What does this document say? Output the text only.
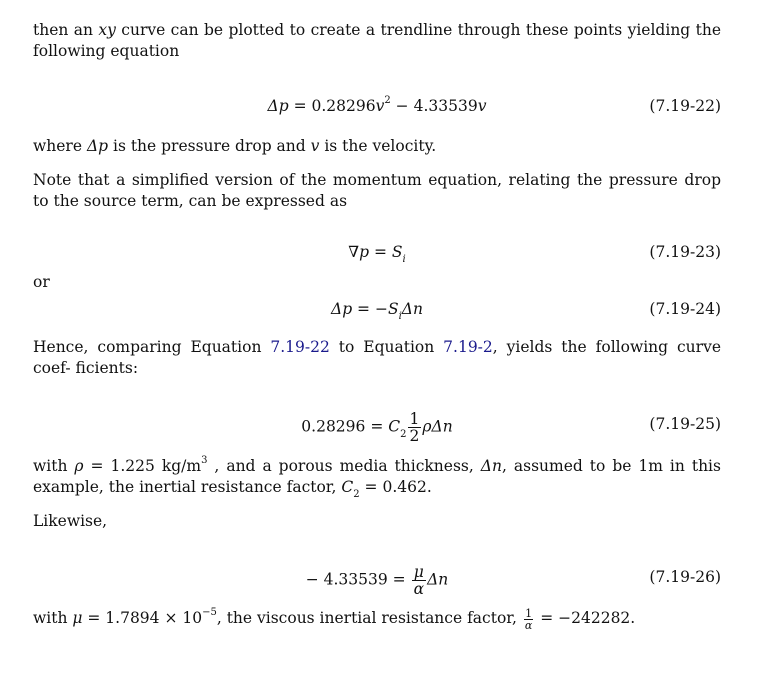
then an xy curve can be plotted to create a trendline through these points yielding the following equation

$\Delta p = 0.28296v^2 - 4.33539v$	(7.19-22)

where Δp is the pressure drop and v is the velocity.

Note that a simplified version of the momentum equation, relating the pressure drop to the source term, can be expressed as

$\nabla p = S_i$	(7.19-23)

or

$\Delta p = -S_i\Delta n$	(7.19-24)

Hence, comparing Equation 7.19-22 to Equation 7.19-2, yields the following curve coef- ficients:

$0.28296 = C_2 \frac{1}{2}$ ρΔn	(7.19-25)

with ρ = 1.225 $kg/m^3$ , and a porous media thickness, Δn, assumed to be 1m in this example, the inertial resistance factor, $C_2 = 0.462$.

Likewise,

− $4.33539 = \frac{\mu}{\alpha}$ Δn	(7.19-26)

with $\mu = 1.7894 \times 10^{-5}$, the viscous inertial resistance factor, $\frac{1}{\alpha} = -242282$.
